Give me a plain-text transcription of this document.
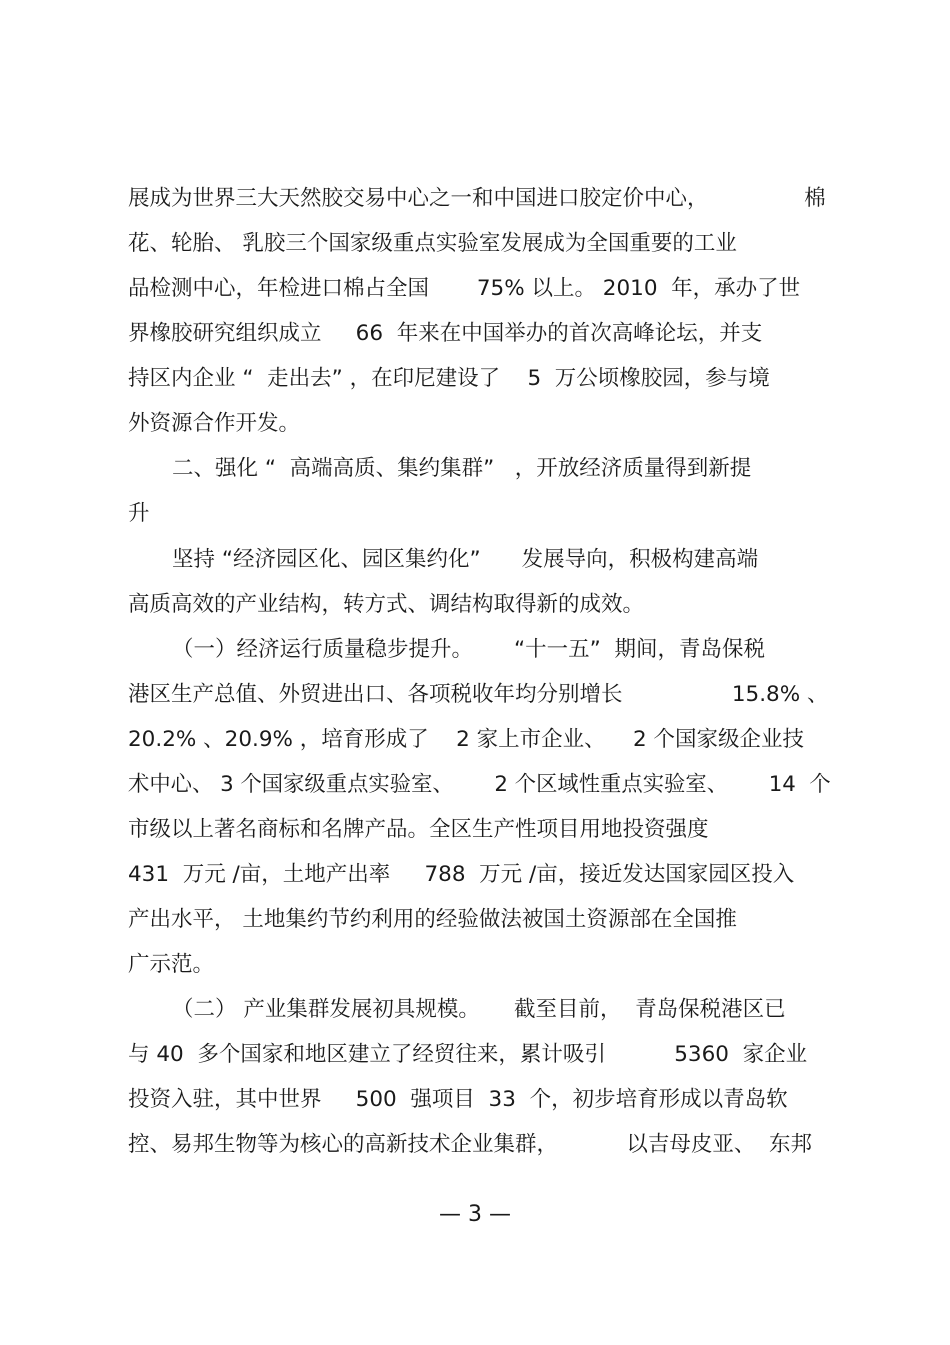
展成为世界三大天然胶交易中心之一和中国进口胶定价中心，              棉
花、轮胎、 乳胶三个国家级重点实验室发展成为全国重要的工业
品检测中心，年检进口棉占全国       75% 以上。 2010  年，承办了世
界橡胶研究组织成立     66  年来在中国举办的首次高峰论坛，并支
持区内企业 “  走出去” ，在印尼建设了    5  万公顷橡胶园，参与境
外资源合作开发。
二、强化 “  高端高质、集约集群”   ，开放经济质量得到新提
升
坚持 “经济园区化、园区集约化”      发展导向，积极构建高端
高质高效的产业结构，转方式、调结构取得新的成效。
（一）经济运行质量稳步提升。      “十一五”  期间，青岛保税
港区生产总值、外贸进出口、各项税收年均分别增长                15.8% 、
20.2% 、20.9% ，培育形成了    2 家上市企业、    2 个国家级企业技
术中心、 3 个国家级重点实验室、      2 个区域性重点实验室、      14  个
市级以上著名商标和名牌产品。全区生产性项目用地投资强度
431  万元 /亩，土地产出率     788  万元 /亩，接近发达国家园区投入
产出水平， 土地集约节约利用的经验做法被国土资源部在全国推
广示范。
（二） 产业集群发展初具规模。     截至目前，  青岛保税港区已
与 40  多个国家和地区建立了经贸往来，累计吸引          5360  家企业
投资入驻，其中世界     500  强项目  33  个，初步培育形成以青岛软
控、易邦生物等为核心的高新技术企业集群，          以吉母皮亚、  东邦
— 3 —
